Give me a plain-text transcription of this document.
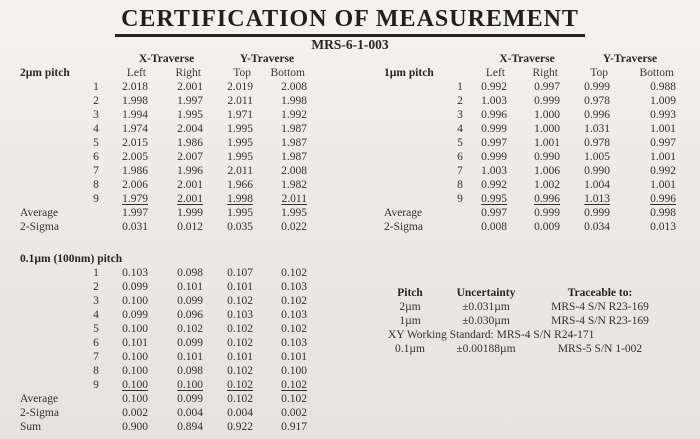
CERTIFICATION OF MEASUREMENT
MRS-6-1-003
		X-Traverse		Y-Traverse	
2µm pitch		Left	Right	Top	Bottom
	1	2.018	2.001	2.019	2.008
	2	1.998	1.997	2.011	1.998
	3	1.994	1.995	1.971	1.992
	4	1.974	2.004	1.995	1.987
	5	2.015	1.986	1.995	1.987
	6	2.005	2.007	1.995	1.987
	7	1.986	1.996	2.011	2.008
	8	2.006	2.001	1.966	1.982
	9	1.979	2.001	1.998	2.011
Average		1.997	1.999	1.995	1.995
2-Sigma		0.031	0.012	0.035	0.022
		X-Traverse		Y-Traverse	
1µm pitch		Left	Right	Top	Bottom
	1	0.992	0.997	0.999	0.988
	2	1.003	0.999	0.978	1.009
	3	0.996	1.000	0.996	0.993
	4	0.999	1.000	1.031	1.001
	5	0.997	1.001	0.978	0.997
	6	0.999	0.990	1.005	1.001
	7	1.003	1.006	0.990	0.992
	8	0.992	1.002	1.004	1.001
	9	0.995	0.996	1.013	0.996
Average		0.997	0.999	0.999	0.998
2-Sigma		0.008	0.009	0.034	0.013
0.1µm (100nm) pitch					
	1	0.103	0.098	0.107	0.102
	2	0.099	0.101	0.101	0.103
	3	0.100	0.099	0.102	0.102
	4	0.099	0.096	0.103	0.103
	5	0.100	0.102	0.102	0.102
	6	0.101	0.099	0.102	0.103
	7	0.100	0.101	0.101	0.101
	8	0.100	0.098	0.102	0.100
	9	0.100	0.100	0.102	0.102
Average		0.100	0.099	0.102	0.102
2-Sigma		0.002	0.004	0.004	0.002
Sum		0.900	0.894	0.922	0.917
Pitch	Uncertainty	Traceable to:
2µm	±0.031µm	MRS-4 S/N R23-169
1µm	±0.030µm	MRS-4 S/N R23-169
XY Working Standard: MRS-4 S/N R24-171		
0.1µm	±0.00188µm	MRS-5 S/N 1-002
